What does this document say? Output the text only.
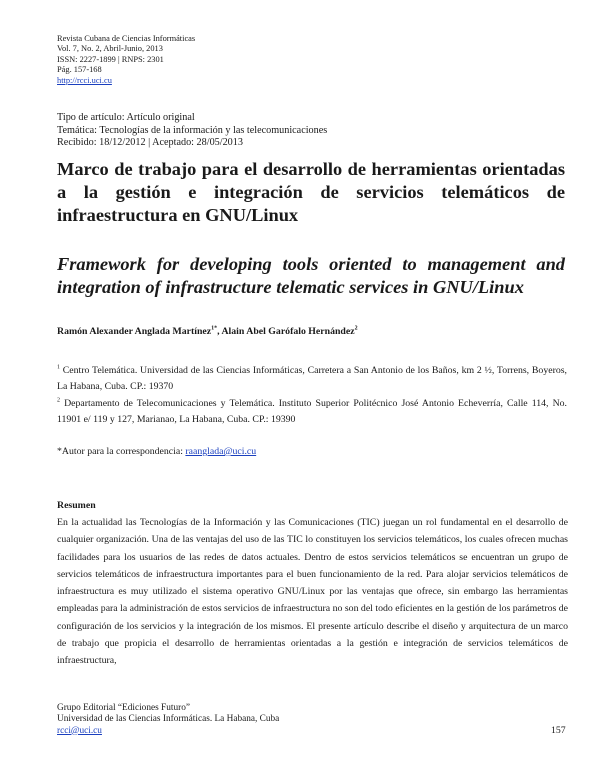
Revista Cubana de Ciencias Informáticas
Vol. 7, No. 2, Abril-Junio, 2013
ISSN: 2227-1899 | RNPS: 2301
Pág. 157-168
http://rcci.uci.cu
Tipo de artículo: Artículo original
Temática: Tecnologías de la información y las telecomunicaciones
Recibido: 18/12/2012 | Aceptado: 28/05/2013
Marco de trabajo para el desarrollo de herramientas orientadas a la gestión e integración de servicios telemáticos de infraestructura en GNU/Linux
Framework for developing tools oriented to management and integration of infrastructure telematic services in GNU/Linux
Ramón Alexander Anglada Martínez$^{1*}$, Alain Abel Garófalo Hernández$^2$
$^1$ Centro Telemática. Universidad de las Ciencias Informáticas, Carretera a San Antonio de los Baños, km 2 ½, Torrens, Boyeros, La Habana, Cuba. CP.: 19370
$^2$ Departamento de Telecomunicaciones y Telemática. Instituto Superior Politécnico José Antonio Echeverría, Calle 114, No. 11901 e/ 119 y 127, Marianao, La Habana, Cuba. CP.: 19390
*Autor para la correspondencia: raanglada@uci.cu
Resumen
En la actualidad las Tecnologías de la Información y las Comunicaciones (TIC) juegan un rol fundamental en el desarrollo de cualquier organización. Una de las ventajas del uso de las TIC lo constituyen los servicios telemáticos, los cuales ofrecen muchas facilidades para los usuarios de las redes de datos actuales. Dentro de estos servicios telemáticos se encuentran un grupo de servicios telemáticos de infraestructura importantes para el buen funcionamiento de la red. Para alojar servicios telemáticos de infraestructura es muy utilizado el sistema operativo GNU/Linux por las ventajas que ofrece, sin embargo las herramientas empleadas para la administración de estos servicios de infraestructura no son del todo eficientes en la gestión de los parámetros de configuración de los servicios y la integración de los mismos. El presente artículo describe el diseño y arquitectura de un marco de trabajo que propicia el desarrollo de herramientas orientadas a la gestión e integración de servicios telemáticos de infraestructura,
Grupo Editorial “Ediciones Futuro”
Universidad de las Ciencias Informáticas. La Habana, Cuba
rcci@uci.cu	157
